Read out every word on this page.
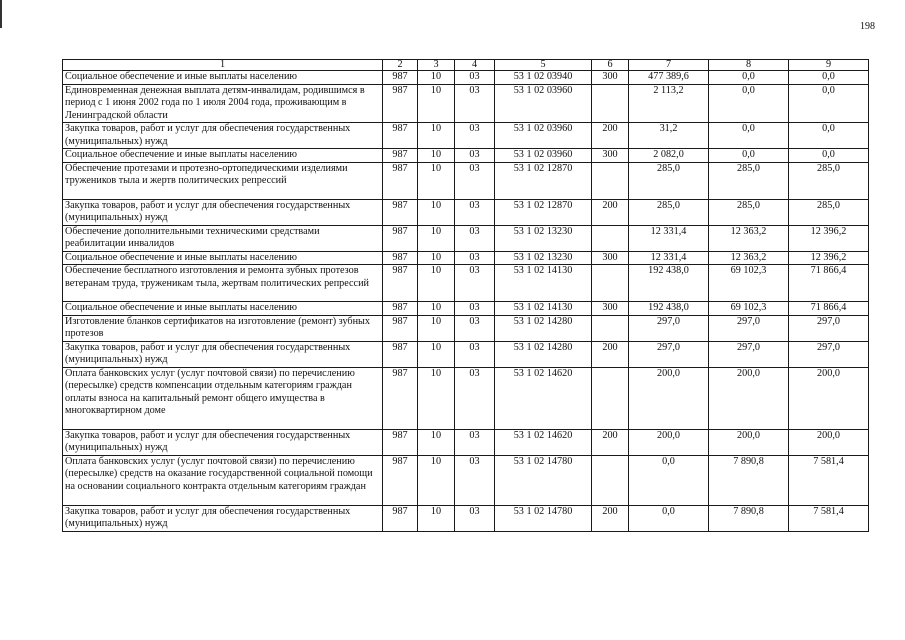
198
1	2	3	4	5	6	7	8	9
Социальное обеспечение и иные выплаты населению	987	10	03	53 1 02 03940	300	477 389,6	0,0	0,0
Единовременная денежная выплата детям-инвалидам, родившимся в период с 1 июня 2002 года по 1 июля 2004 года, проживающим в Ленинградской области	987	10	03	53 1 02 03960		2 113,2	0,0	0,0
Закупка товаров, работ и услуг для обеспечения государственных (муниципальных) нужд	987	10	03	53 1 02 03960	200	31,2	0,0	0,0
Социальное обеспечение и иные выплаты населению	987	10	03	53 1 02 03960	300	2 082,0	0,0	0,0
Обеспечение протезами и протезно-ортопедическими изделиями тружеников тыла и жертв политических репрессий	987	10	03	53 1 02 12870		285,0	285,0	285,0
Закупка товаров, работ и услуг для обеспечения государственных (муниципальных) нужд	987	10	03	53 1 02 12870	200	285,0	285,0	285,0
Обеспечение дополнительными техническими средствами реабилитации инвалидов	987	10	03	53 1 02 13230		12 331,4	12 363,2	12 396,2
Социальное обеспечение и иные выплаты населению	987	10	03	53 1 02 13230	300	12 331,4	12 363,2	12 396,2
Обеспечение бесплатного изготовления и ремонта зубных протезов ветеранам труда, труженикам тыла, жертвам политических репрессий	987	10	03	53 1 02 14130		192 438,0	69 102,3	71 866,4
Социальное обеспечение и иные выплаты населению	987	10	03	53 1 02 14130	300	192 438,0	69 102,3	71 866,4
Изготовление бланков сертификатов на изготовление (ремонт) зубных протезов	987	10	03	53 1 02 14280		297,0	297,0	297,0
Закупка товаров, работ и услуг для обеспечения государственных (муниципальных) нужд	987	10	03	53 1 02 14280	200	297,0	297,0	297,0
Оплата банковских услуг (услуг почтовой связи) по перечислению (пересылке) средств компенсации отдельным категориям граждан оплаты взноса на капитальный ремонт общего имущества в многоквартирном доме	987	10	03	53 1 02 14620		200,0	200,0	200,0
Закупка товаров, работ и услуг для обеспечения государственных (муниципальных) нужд	987	10	03	53 1 02 14620	200	200,0	200,0	200,0
Оплата банковских услуг (услуг почтовой связи) по перечислению (пересылке) средств на оказание государственной социальной помощи на основании социального контракта отдельным категориям граждан	987	10	03	53 1 02 14780		0,0	7 890,8	7 581,4
Закупка товаров, работ и услуг для обеспечения государственных (муниципальных) нужд	987	10	03	53 1 02 14780	200	0,0	7 890,8	7 581,4
